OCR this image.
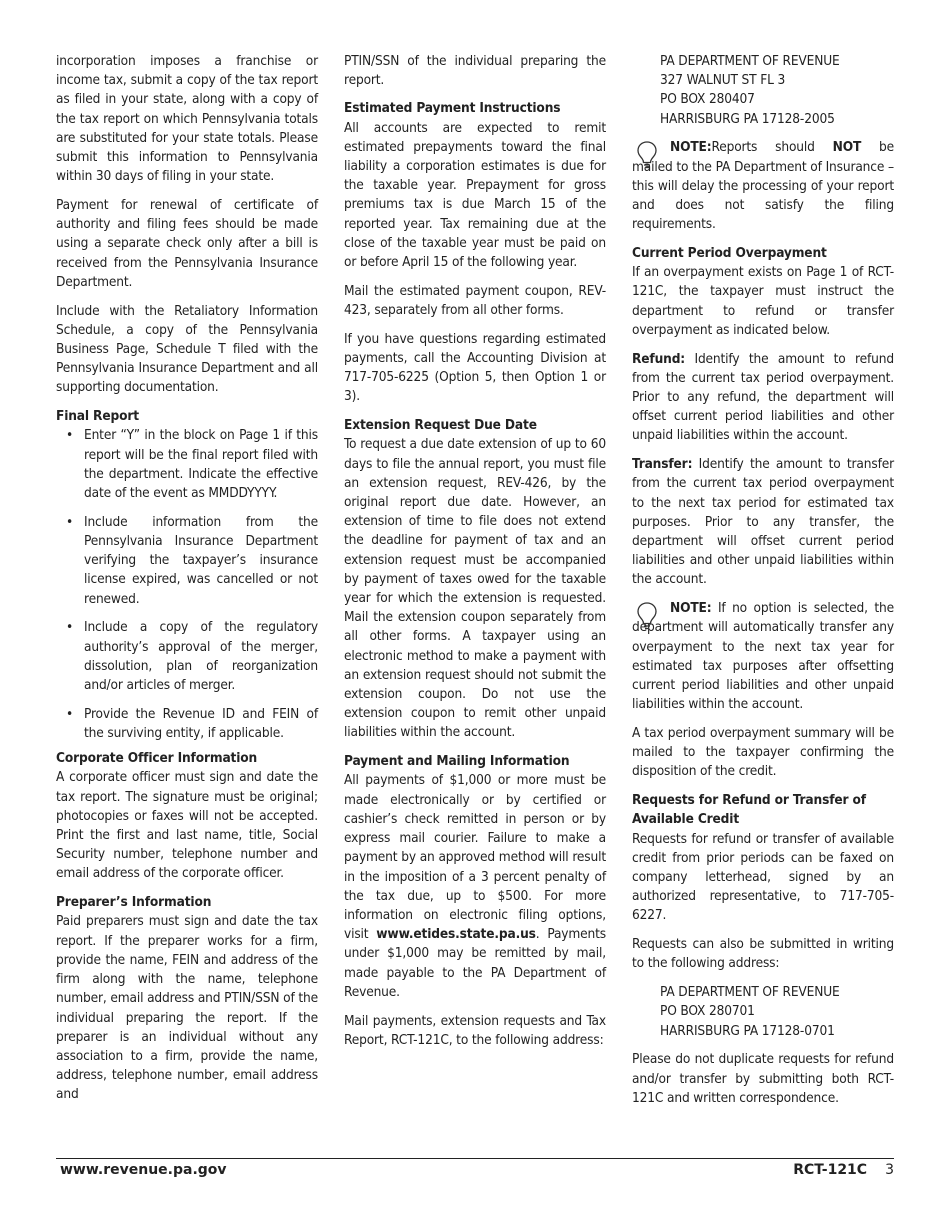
incorporation imposes a franchise or income tax, submit a copy of the tax report as filed in your state, along with a copy of the tax report on which Pennsylvania totals are substituted for your state totals. Please submit this information to Pennsylvania within 30 days of filing in your state.

Payment for renewal of certificate of authority and filing fees should be made using a separate check only after a bill is received from the Pennsylvania Insurance Department.

Include with the Retaliatory Information Schedule, a copy of the Pennsylvania Business Page, Schedule T filed with the Pennsylvania Insurance Department and all supporting documentation.

Final Report
• Enter “Y” in the block on Page 1 if this report will be the final report filed with the department. Indicate the effective date of the event as MMDDYYYY.
• Include information from the Pennsylvania Insurance Department verifying the taxpayer’s insurance license expired, was cancelled or not renewed.
• Include a copy of the regulatory authority’s approval of the merger, dissolution, plan of reorganization and/or articles of merger.
• Provide the Revenue ID and FEIN of the surviving entity, if applicable.
Corporate Officer Information

A corporate officer must sign and date the tax report. The signature must be original; photocopies or faxes will not be accepted. Print the first and last name, title, Social Security number, telephone number and email address of the corporate officer.

Preparer’s Information

Paid preparers must sign and date the tax report. If the preparer works for a firm, provide the name, FEIN and address of the firm along with the name, telephone number, email address and PTIN/SSN of the individual preparing the report. If the preparer is an individual without any association to a firm, provide the name, address, telephone number, email address and

PTIN/SSN of the individual preparing the report.

Estimated Payment Instructions

All accounts are expected to remit estimated prepayments toward the final liability a corporation estimates is due for the taxable year. Prepayment for gross premiums tax is due March 15 of the reported year. Tax remaining due at the close of the taxable year must be paid on or before April 15 of the following year.

Mail the estimated payment coupon, REV-423, separately from all other forms.

If you have questions regarding estimated payments, call the Accounting Division at 717-705-6225 (Option 5, then Option 1 or 3).

Extension Request Due Date

To request a due date extension of up to 60 days to file the annual report, you must file an extension request, REV-426, by the original report due date. However, an extension of time to file does not extend the deadline for payment of tax and an extension request must be accompanied by payment of taxes owed for the taxable year for which the extension is requested. Mail the extension coupon separately from all other forms. A taxpayer using an electronic method to make a payment with an extension request should not submit the extension coupon. Do not use the extension coupon to remit other unpaid liabilities within the account.

Payment and Mailing Information

All payments of $1,000 or more must be made electronically or by certified or cashier’s check remitted in person or by express mail courier. Failure to make a payment by an approved method will result in the imposition of a 3 percent penalty of the tax due, up to $500. For more information on electronic filing options, visit www.etides.state.pa.us. Payments under $1,000 may be remitted by mail, made payable to the PA Department of Revenue.

Mail payments, extension requests and Tax Report, RCT-121C, to the following address:

PA DEPARTMENT OF REVENUE
327 WALNUT ST FL 3
PO BOX 280407
HARRISBURG PA 17128-2005

NOTE:Reports should NOT be mailed to the PA Department of Insurance – this will delay the processing of your report and does not satisfy the filing requirements.

Current Period Overpayment

If an overpayment exists on Page 1 of RCT-121C, the taxpayer must instruct the department to refund or transfer overpayment as indicated below.

Refund: Identify the amount to refund from the current tax period overpayment. Prior to any refund, the department will offset current period liabilities and other unpaid liabilities within the account.

Transfer: Identify the amount to transfer from the current tax period overpayment to the next tax period for estimated tax purposes. Prior to any transfer, the department will offset current period liabilities and other unpaid liabilities within the account.

NOTE: If no option is selected, the department will automatically transfer any overpayment to the next tax year for estimated tax purposes after offsetting current period liabilities and other unpaid liabilities within the account.

A tax period overpayment summary will be mailed to the taxpayer confirming the disposition of the credit.

Requests for Refund or Transfer of
Available Credit

Requests for refund or transfer of available credit from prior periods can be faxed on company letterhead, signed by an authorized representative, to 717-705-6227.

Requests can also be submitted in writing to the following address:

PA DEPARTMENT OF REVENUE
PO BOX 280701
HARRISBURG PA 17128-0701

Please do not duplicate requests for refund and/or transfer by submitting both RCT-121C and written correspondence.

www.revenue.pa.gov	RCT-121C 3
